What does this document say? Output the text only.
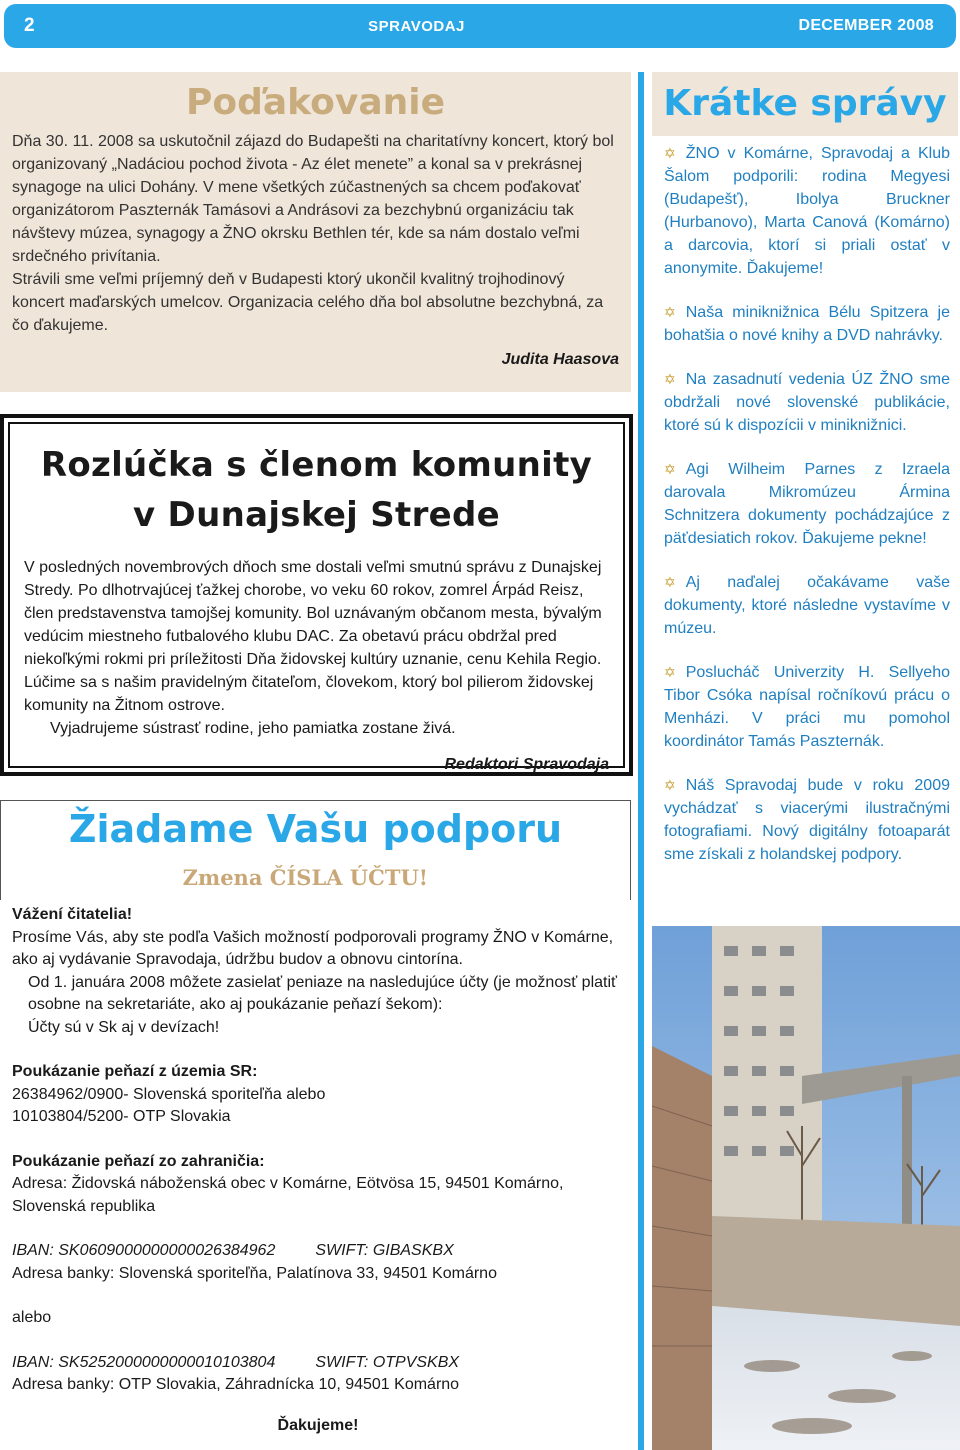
2	SPRAVODAJ	DECEMBER 2008
Poďakovanie

Dňa 30. 11. 2008 sa uskutočnil zájazd do Budapešti na charitatívny koncert, ktorý bol organizovaný „Nadáciou pochod života - Az élet menete” a konal sa v prekrásnej synagoge na ulici Dohány. V mene všetkých zúčastnených sa chcem poďakovať organizátorom Paszternák Tamásovi a Andrásovi za bezchybnú organizáciu tak návštevy múzea, synagogy a ŽNO okrsku Bethlen tér, kde sa nám dostalo veľmi srdečného privítania.

Strávili sme veľmi príjemný deň v Budapesti ktorý ukončil kvalitný trojhodinový koncert maďarských umelcov. Organizacia celého dňa bol absolutne bezchybná, za čo ďakujeme.

Judita Haasova
Rozlúčka s členom komunity
v Dunajskej Strede

V posledných novembrových dňoch sme dostali veľmi smutnú správu z Dunajskej Stredy. Po dlhotrvajúcej ťažkej chorobe, vo veku 60 rokov, zomrel Árpád Reisz, člen predstavenstva tamojšej komunity. Bol uznávaným občanom mesta, bývalým vedúcim miestneho futbalového klubu DAC. Za obetavú prácu obdržal pred niekoľkými rokmi pri príležitosti Dňa židovskej kultúry uznanie, cenu Kehila Regio. Lúčime sa s našim pravidelným čitateľom, človekom, ktorý bol pilierom židovskej komunity na Žitnom ostrove.

Vyjadrujeme sústrasť rodine, jeho pamiatka zostane živá.

Redaktori Spravodaja
Žiadame Vašu podporu
Zmena ČÍSLA ÚČTU!
Vážení čitatelia!

Prosíme Vás, aby ste podľa Vašich možností podporovali programy ŽNO v Komárne, ako aj vydávanie Spravodaja, údržbu budov a obnovu cintorína.

Od 1. januára 2008 môžete zasielať peniaze na nasledujúce účty (je možnosť platiť osobne na sekretariáte, ako aj poukázanie peňazí šekom):

Účty sú v Sk aj v devízach!

Poukázanie peňazí z územia SR:
26384962/0900- Slovenská sporiteľňa alebo
10103804/5200- OTP Slovakia
Poukázanie peňazí zo zahraničia:
Adresa: Židovská náboženská obec v Komárne, Eötvösa 15, 94501 Komárno, Slovenská republika
IBAN: SK0609000000000026384962	SWIFT: GIBASKBX
Adresa banky: Slovenská sporiteľňa, Palatínova 33, 94501 Komárno
alebo
IBAN: SK5252000000000010103804	SWIFT: OTPVSKBX
Adresa banky: OTP Slovakia, Záhradnícka 10, 94501 Komárno
Ďakujeme!
Krátke správy

✡ ŽNO v Komárne, Spravodaj a Klub Šalom podporili: rodina Megyesi (Budapešť), Ibolya Bruckner (Hurbanovo), Marta Canová (Komárno) a darcovia, ktorí si priali ostať v anonymite. Ďakujeme!

✡ Naša miniknižnica Bélu Spitzera je bohatšia o nové knihy a DVD nahrávky.

✡ Na zasadnutí vedenia ÚZ ŽNO sme obdržali nové slovenské publikácie, ktoré sú k dispozícii v miniknižnici.

✡ Agi Wilheim Parnes z Izraela darovala Mikromúzeu Ármina Schnitzera dokumenty pochádzajúce z päťdesiatich rokov. Ďakujeme pekne!

✡ Aj naďalej očakávame vaše dokumenty, ktoré následne vystavíme v múzeu.

✡ Poslucháč Univerzity H. Sellyeho Tibor Csóka napísal ročníkovú prácu o Menházi. V práci mu pomohol koordinátor Tamás Paszternák.

✡ Náš Spravodaj bude v roku 2009 vychádzať s viacerými ilustračnými fotografiami. Nový digitálny fotoaparát sme získali z holandskej podpory.
